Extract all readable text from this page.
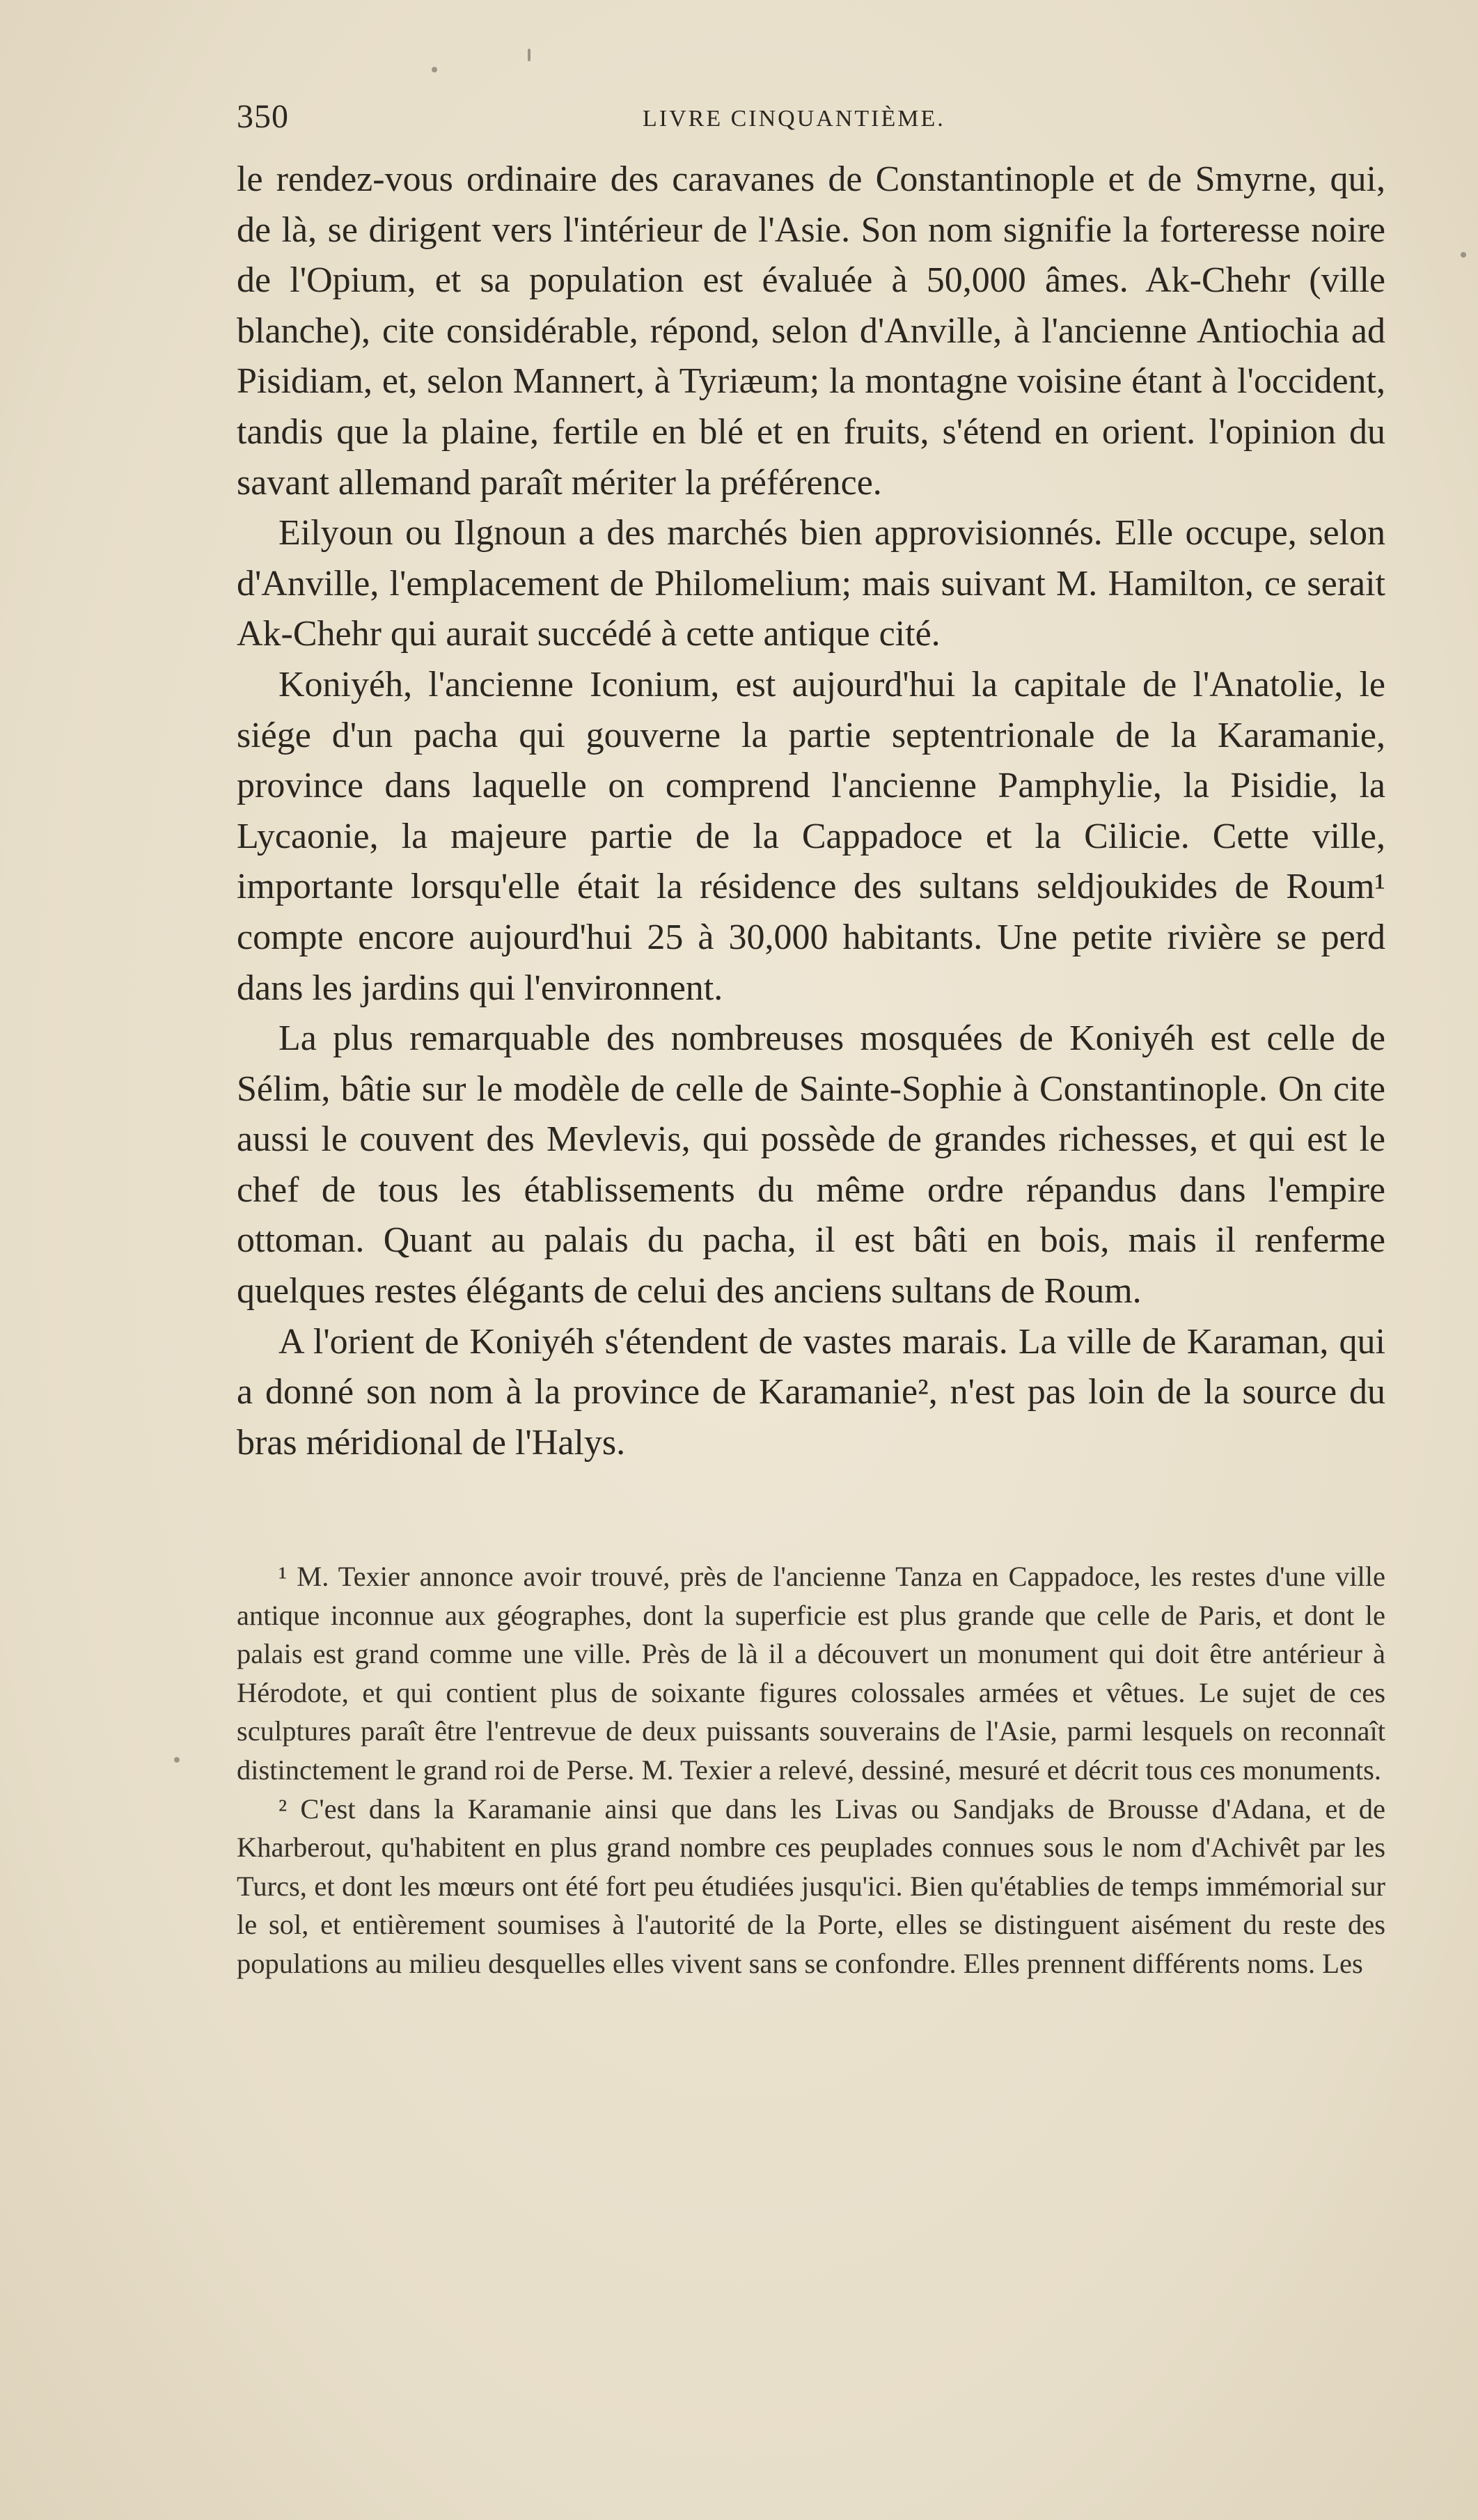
350	LIVRE CINQUANTIÈME.

le rendez-vous ordinaire des caravanes de Constantinople et de Smyrne, qui, de là, se dirigent vers l'intérieur de l'Asie. Son nom signifie la forteresse noire de l'Opium, et sa population est évaluée à 50,000 âmes. Ak-Chehr (ville blanche), cite considérable, répond, selon d'Anville, à l'ancienne Antiochia ad Pisidiam, et, selon Mannert, à Tyriæum; la montagne voisine étant à l'occident, tandis que la plaine, fertile en blé et en fruits, s'étend en orient. l'opinion du savant allemand paraît mériter la préférence.

Eilyoun ou Ilgnoun a des marchés bien approvisionnés. Elle occupe, selon d'Anville, l'emplacement de Philomelium; mais suivant M. Hamilton, ce serait Ak-Chehr qui aurait succédé à cette antique cité.

Koniyéh, l'ancienne Iconium, est aujourd'hui la capitale de l'Anatolie, le siége d'un pacha qui gouverne la partie septentrionale de la Karamanie, province dans laquelle on comprend l'ancienne Pamphylie, la Pisidie, la Lycaonie, la majeure partie de la Cappadoce et la Cilicie. Cette ville, importante lorsqu'elle était la résidence des sultans seldjoukides de Roum¹ compte encore aujourd'hui 25 à 30,000 habitants. Une petite rivière se perd dans les jardins qui l'environnent.

La plus remarquable des nombreuses mosquées de Koniyéh est celle de Sélim, bâtie sur le modèle de celle de Sainte-Sophie à Constantinople. On cite aussi le couvent des Mevlevis, qui possède de grandes richesses, et qui est le chef de tous les établissements du même ordre répandus dans l'empire ottoman. Quant au palais du pacha, il est bâti en bois, mais il renferme quelques restes élégants de celui des anciens sultans de Roum.

A l'orient de Koniyéh s'étendent de vastes marais. La ville de Karaman, qui a donné son nom à la province de Karamanie², n'est pas loin de la source du bras méridional de l'Halys.

¹ M. Texier annonce avoir trouvé, près de l'ancienne Tanza en Cappadoce, les restes d'une ville antique inconnue aux géographes, dont la superficie est plus grande que celle de Paris, et dont le palais est grand comme une ville. Près de là il a découvert un monument qui doit être antérieur à Hérodote, et qui contient plus de soixante figures colossales armées et vêtues. Le sujet de ces sculptures paraît être l'entrevue de deux puissants souverains de l'Asie, parmi lesquels on reconnaît distinctement le grand roi de Perse. M. Texier a relevé, dessiné, mesuré et décrit tous ces monuments.

² C'est dans la Karamanie ainsi que dans les Livas ou Sandjaks de Brousse d'Adana, et de Kharberout, qu'habitent en plus grand nombre ces peuplades connues sous le nom d'Achivêt par les Turcs, et dont les mœurs ont été fort peu étudiées jusqu'ici. Bien qu'établies de temps immémorial sur le sol, et entièrement soumises à l'autorité de la Porte, elles se distinguent aisément du reste des populations au milieu desquelles elles vivent sans se confondre. Elles prennent différents noms. Les
